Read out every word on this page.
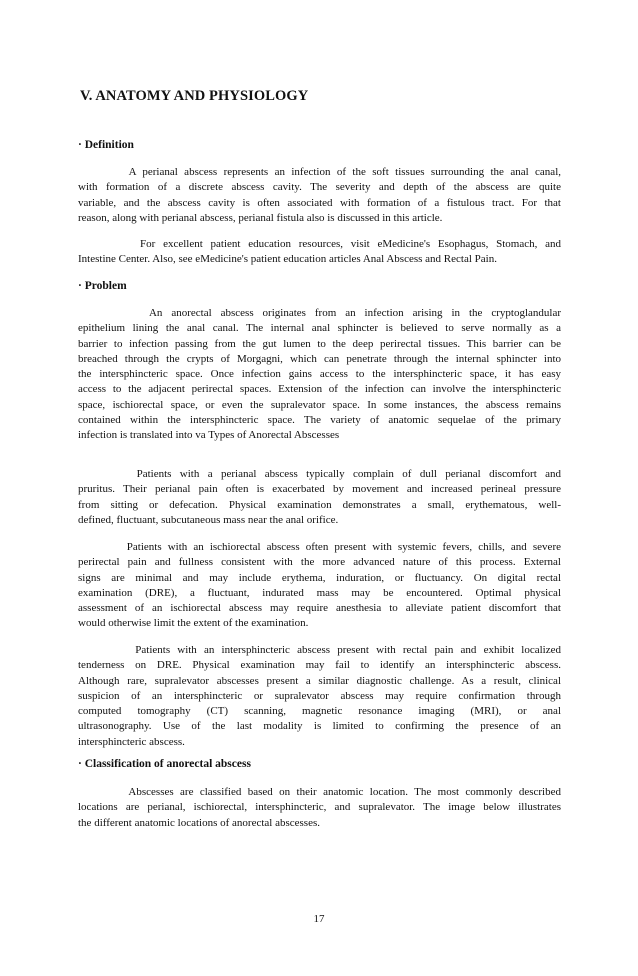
V. ANATOMY AND PHYSIOLOGY
· Definition
A perianal abscess represents an infection of the soft tissues surrounding the anal canal,
with formation of a discrete abscess cavity. The severity and depth of the abscess are quite
variable, and the abscess cavity is often associated with formation of a fistulous tract. For that
reason, along with perianal abscess, perianal fistula also is discussed in this article.
For excellent patient education resources, visit eMedicine's Esophagus, Stomach, and
Intestine Center. Also, see eMedicine's patient education articles Anal Abscess and Rectal Pain.
· Problem
An anorectal abscess originates from an infection arising in the cryptoglandular
epithelium lining the anal canal. The internal anal sphincter is believed to serve normally as a
barrier to infection passing from the gut lumen to the deep perirectal tissues. This barrier can be
breached through the crypts of Morgagni, which can penetrate through the internal sphincter into
the intersphincteric space. Once infection gains access to the intersphincteric space, it has easy
access to the adjacent perirectal spaces. Extension of the infection can involve the intersphincteric
space, ischiorectal space, or even the supralevator space. In some instances, the abscess remains
contained within the intersphincteric space. The variety of anatomic sequelae of the primary
infection is translated into va Types of Anorectal Abscesses
Patients with a perianal abscess typically complain of dull perianal discomfort and
pruritus. Their perianal pain often is exacerbated by movement and increased perineal pressure
from sitting or defecation. Physical examination demonstrates a small, erythematous, well-
defined, fluctuant, subcutaneous mass near the anal orifice.
Patients with an ischiorectal abscess often present with systemic fevers, chills, and severe
perirectal pain and fullness consistent with the more advanced nature of this process. External
signs are minimal and may include erythema, induration, or fluctuancy. On digital rectal
examination (DRE), a fluctuant, indurated mass may be encountered. Optimal physical
assessment of an ischiorectal abscess may require anesthesia to alleviate patient discomfort that
would otherwise limit the extent of the examination.
Patients with an intersphincteric abscess present with rectal pain and exhibit localized
tenderness on DRE. Physical examination may fail to identify an intersphincteric abscess.
Although rare, supralevator abscesses present a similar diagnostic challenge. As a result, clinical
suspicion of an intersphincteric or supralevator abscess may require confirmation through
computed tomography (CT) scanning, magnetic resonance imaging (MRI), or anal
ultrasonography. Use of the last modality is limited to confirming the presence of an
intersphincteric abscess.
· Classification of anorectal abscess
Abscesses are classified based on their anatomic location. The most commonly described
locations are perianal, ischiorectal, intersphincteric, and supralevator. The image below illustrates
the different anatomic locations of anorectal abscesses.
17
